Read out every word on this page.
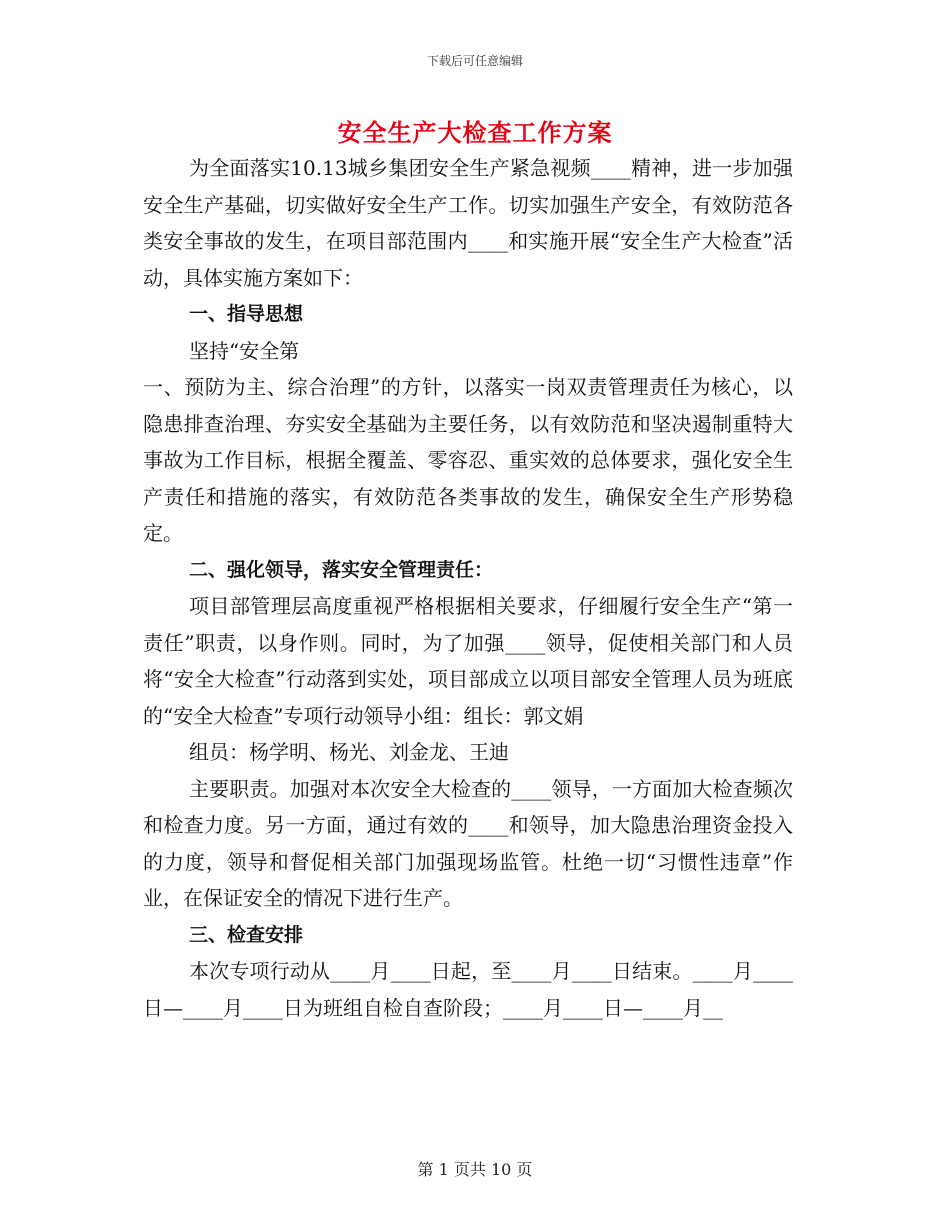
下载后可任意编辑
安全生产大检查工作方案

为全面落实10.13城乡集团安全生产紧急视频____精神，进一步加强安全生产基础，切实做好安全生产工作。切实加强生产安全，有效防范各类安全事故的发生，在项目部范围内____和实施开展“安全生产大检查”活动，具体实施方案如下：

一、指导思想

坚持“安全第

一、预防为主、综合治理”的方针，以落实一岗双责管理责任为核心，以隐患排查治理、夯实安全基础为主要任务，以有效防范和坚决遏制重特大事故为工作目标，根据全覆盖、零容忍、重实效的总体要求，强化安全生产责任和措施的落实，有效防范各类事故的发生，确保安全生产形势稳定。

二、强化领导，落实安全管理责任：

项目部管理层高度重视严格根据相关要求，仔细履行安全生产“第一责任”职责，以身作则。同时，为了加强____领导，促使相关部门和人员将“安全大检查”行动落到实处，项目部成立以项目部安全管理人员为班底的“安全大检查”专项行动领导小组：组长：郭文娟

组员：杨学明、杨光、刘金龙、王迪

主要职责。加强对本次安全大检查的____领导，一方面加大检查频次和检查力度。另一方面，通过有效的____和领导，加大隐患治理资金投入的力度，领导和督促相关部门加强现场监管。杜绝一切“习惯性违章”作业，在保证安全的情况下进行生产。

三、检查安排

本次专项行动从____月____日起，至____月____日结束。____月____日—____月____日为班组自检自查阶段；____月____日—____月__

第 1 页共 10 页
